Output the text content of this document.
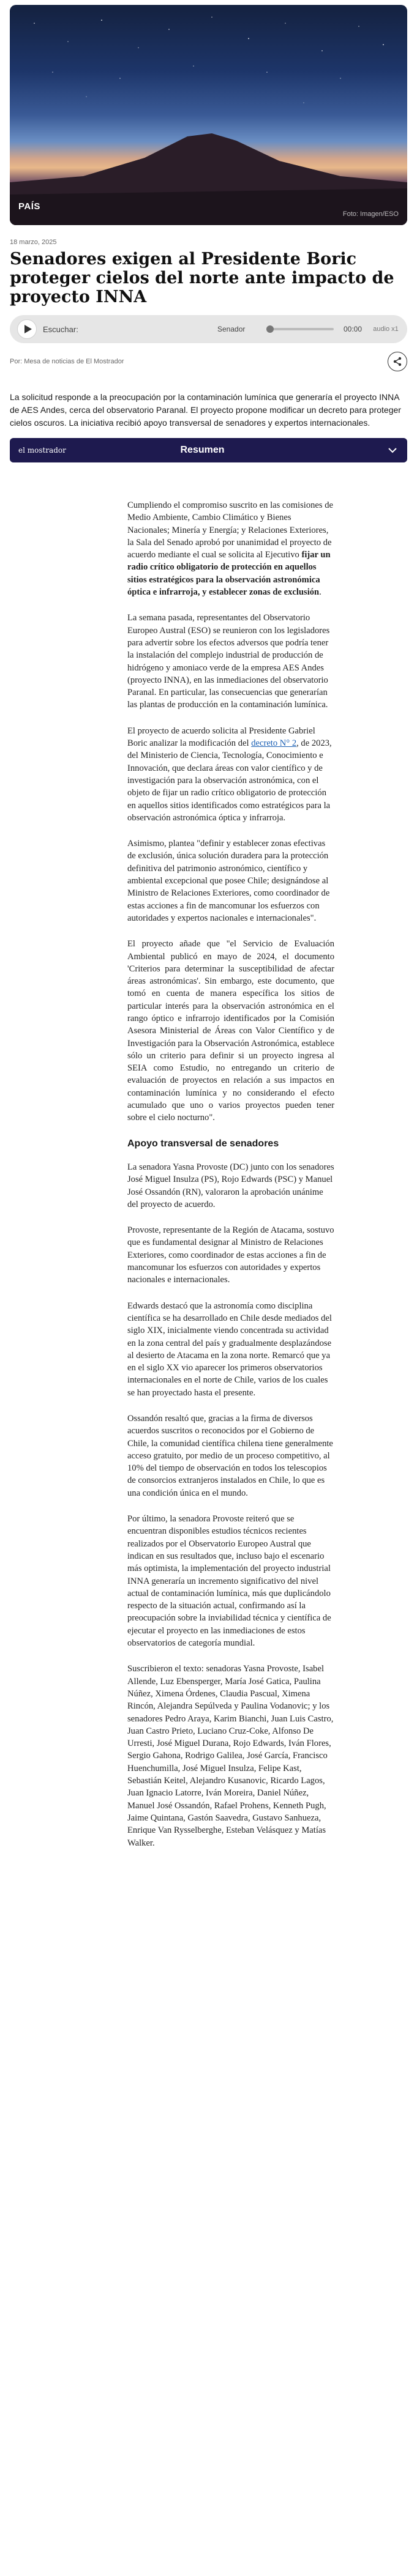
PAÍS
Foto: Imagen/ESO
18 marzo, 2025
Senadores exigen al Presidente Boric proteger cielos del norte ante impacto de proyecto INNA
Escuchar:	Senador	00:00	audio x1
Por: Mesa de noticias de El Mostrador

La solicitud responde a la preocupación por la contaminación lumínica que generaría el proyecto INNA de AES Andes, cerca del observatorio Paranal. El proyecto propone modificar un decreto para proteger cielos oscuros. La iniciativa recibió apoyo transversal de senadores y expertos internacionales.

el mostrador	Resumen

Cumpliendo el compromiso suscrito en las comisiones de Medio Ambiente, Cambio Climático y Bienes Nacionales; Minería y Energía; y Relaciones Exteriores, la Sala del Senado aprobó por unanimidad el proyecto de acuerdo mediante el cual se solicita al Ejecutivo fijar un radio crítico obligatorio de protección en aquellos sitios estratégicos para la observación astronómica óptica e infrarroja, y establecer zonas de exclusión.

La semana pasada, representantes del Observatorio Europeo Austral (ESO) se reunieron con los legisladores para advertir sobre los efectos adversos que podría tener la instalación del complejo industrial de producción de hidrógeno y amoniaco verde de la empresa AES Andes (proyecto INNA), en las inmediaciones del observatorio Paranal. En particular, las consecuencias que generarían las plantas de producción en la contaminación lumínica.

El proyecto de acuerdo solicita al Presidente Gabriel Boric analizar la modificación del decreto N° 2, de 2023, del Ministerio de Ciencia, Tecnología, Conocimiento e Innovación, que declara áreas con valor científico y de investigación para la observación astronómica, con el objeto de fijar un radio crítico obligatorio de protección en aquellos sitios identificados como estratégicos para la observación astronómica óptica y infrarroja.

Asimismo, plantea "definir y establecer zonas efectivas de exclusión, única solución duradera para la protección definitiva del patrimonio astronómico, científico y ambiental excepcional que posee Chile; designándose al Ministro de Relaciones Exteriores, como coordinador de estas acciones a fin de mancomunar los esfuerzos con autoridades y expertos nacionales e internacionales".

El proyecto añade que "el Servicio de Evaluación Ambiental publicó en mayo de 2024, el documento 'Criterios para determinar la susceptibilidad de afectar áreas astronómicas'. Sin embargo, este documento, que tomó en cuenta de manera específica los sitios de particular interés para la observación astronómica en el rango óptico e infrarrojo identificados por la Comisión Asesora Ministerial de Áreas con Valor Científico y de Investigación para la Observación Astronómica, establece sólo un criterio para definir si un proyecto ingresa al SEIA como Estudio, no entregando un criterio de evaluación de proyectos en relación a sus impactos en contaminación lumínica y no considerando el efecto acumulado que uno o varios proyectos pueden tener sobre el cielo nocturno".

Apoyo transversal de senadores

La senadora Yasna Provoste (DC) junto con los senadores José Miguel Insulza (PS), Rojo Edwards (PSC) y Manuel José Ossandón (RN), valoraron la aprobación unánime del proyecto de acuerdo.

Provoste, representante de la Región de Atacama, sostuvo que es fundamental designar al Ministro de Relaciones Exteriores, como coordinador de estas acciones a fin de mancomunar los esfuerzos con autoridades y expertos nacionales e internacionales.

Edwards destacó que la astronomía como disciplina científica se ha desarrollado en Chile desde mediados del siglo XIX, inicialmente viendo concentrada su actividad en la zona central del país y gradualmente desplazándose al desierto de Atacama en la zona norte. Remarcó que ya en el siglo XX vio aparecer los primeros observatorios internacionales en el norte de Chile, varios de los cuales se han proyectado hasta el presente.

Ossandón resaltó que, gracias a la firma de diversos acuerdos suscritos o reconocidos por el Gobierno de Chile, la comunidad científica chilena tiene generalmente acceso gratuito, por medio de un proceso competitivo, al 10% del tiempo de observación en todos los telescopios de consorcios extranjeros instalados en Chile, lo que es una condición única en el mundo.

Por último, la senadora Provoste reiteró que se encuentran disponibles estudios técnicos recientes realizados por el Observatorio Europeo Austral que indican en sus resultados que, incluso bajo el escenario más optimista, la implementación del proyecto industrial INNA generaría un incremento significativo del nivel actual de contaminación lumínica, más que duplicándolo respecto de la situación actual, confirmando así la preocupación sobre la inviabilidad técnica y científica de ejecutar el proyecto en las inmediaciones de estos observatorios de categoría mundial.

Suscribieron el texto: senadoras Yasna Provoste, Isabel Allende, Luz Ebensperger, María José Gatica, Paulina Núñez, Ximena Órdenes, Claudia Pascual, Ximena Rincón, Alejandra Sepúlveda y Paulina Vodanovic; y los senadores Pedro Araya, Karim Bianchi, Juan Luis Castro, Juan Castro Prieto, Luciano Cruz-Coke, Alfonso De Urresti, José Miguel Durana, Rojo Edwards, Iván Flores, Sergio Gahona, Rodrigo Galilea, José García, Francisco Huenchumilla, José Miguel Insulza, Felipe Kast, Sebastián Keitel, Alejandro Kusanovic, Ricardo Lagos, Juan Ignacio Latorre, Iván Moreira, Daniel Núñez, Manuel José Ossandón, Rafael Prohens, Kenneth Pugh, Jaime Quintana, Gastón Saavedra, Gustavo Sanhueza, Enrique Van Rysselberghe, Esteban Velásquez y Matías Walker.
